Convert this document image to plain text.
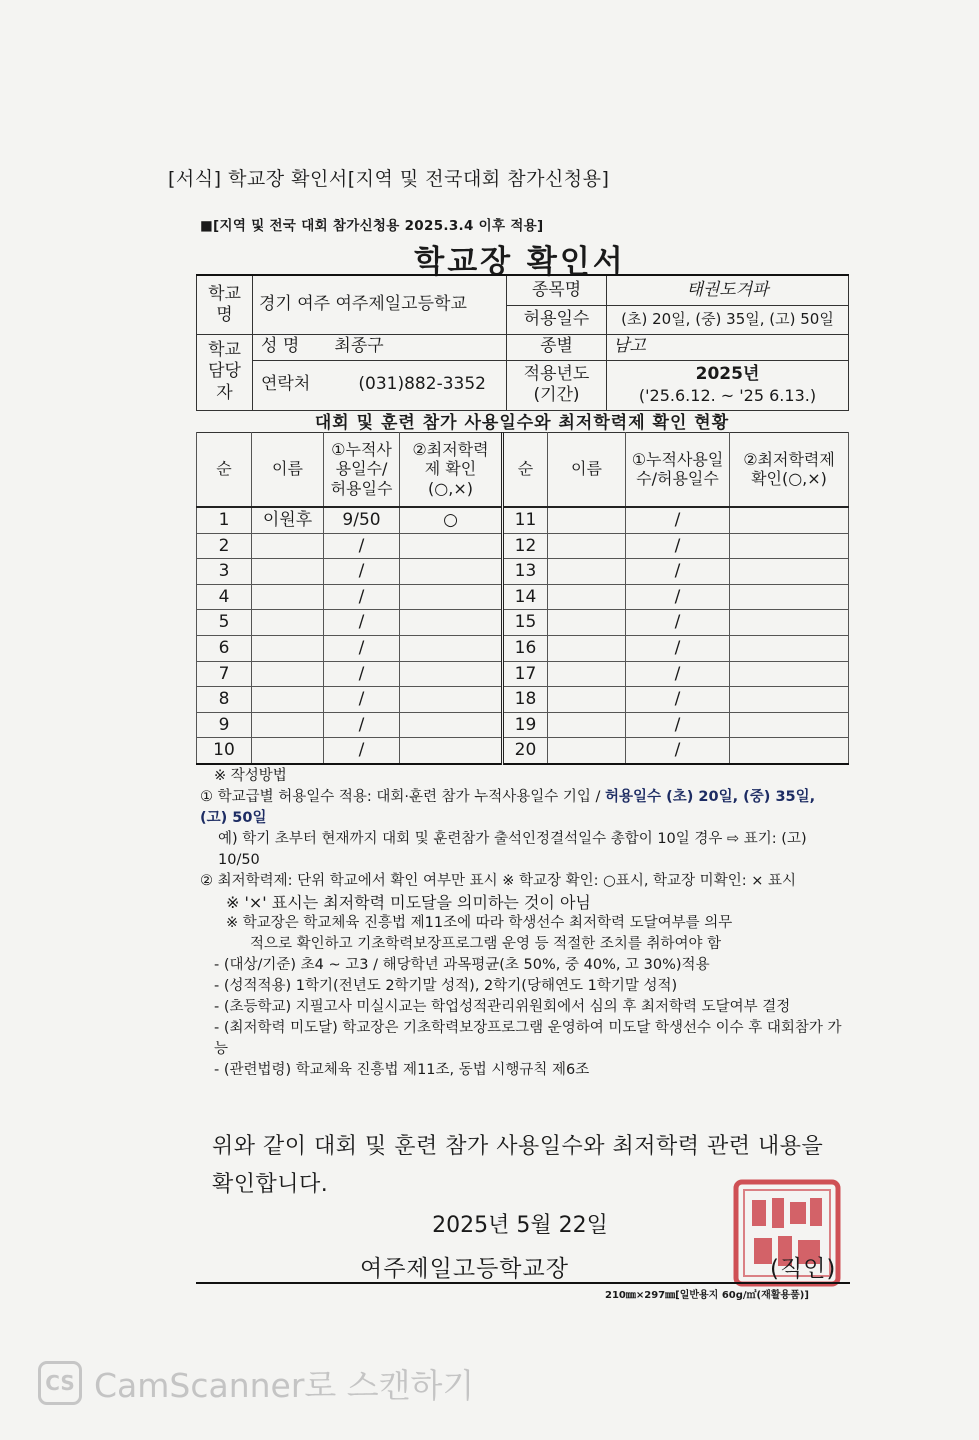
[서식] 학교장 확인서[지역 및 전국대회 참가신청용]
■[지역 및 전국 대회 참가신청용 2025.3.4 이후 적용]
학교장 확인서
학교명	경기 여주 여주제일고등학교	종목명	태권도겨파
		허용일수	(초) 20일, (중) 35일, (고) 50일
학교담당자	성 명 최종구	종별	남고
	연락처 (031)882-3352	적용년도(기간)	2025년
('25.6.12. ~ '25 6.13.)
대회 및 훈련 참가 사용일수와 최저학력제 확인 현황
순	이름	①누적사용일수/허용일수	②최저학력제 확인(○,×)	순	이름	①누적사용일수/허용일수	②최저학력제 확인(○,×)
1	이원후	9/50	○	11		/	
2		/		12		/	
3		/		13		/	
4		/		14		/	
5		/		15		/	
6		/		16		/	
7		/		17		/	
8		/		18		/	
9		/		19		/	
10		/		20		/	

※ 작성방법

① 학교급별 허용일수 적용: 대회·훈련 참가 누적사용일수 기입 / 허용일수 (초) 20일, (중) 35일, (고) 50일

예) 학기 초부터 현재까지 대회 및 훈련참가 출석인정결석일수 총합이 10일 경우 ⇨ 표기: (고) 10/50

② 최저학력제: 단위 학교에서 확인 여부만 표시 ※ 학교장 확인: ○표시, 학교장 미확인: × 표시

※ '×' 표시는 최저학력 미도달을 의미하는 것이 아님

※ 학교장은 학교체육 진흥법 제11조에 따라 학생선수 최저학력 도달여부를 의무

적으로 확인하고 기초학력보장프로그램 운영 등 적절한 조치를 취하여야 함

- (대상/기준) 초4 ~ 고3 / 해당학년 과목평균(초 50%, 중 40%, 고 30%)적용

- (성적적용) 1학기(전년도 2학기말 성적), 2학기(당해연도 1학기말 성적)

- (초등학교) 지필고사 미실시교는 학업성적관리위원회에서 심의 후 최저학력 도달여부 결정

- (최저학력 미도달) 학교장은 기초학력보장프로그램 운영하여 미도달 학생선수 이수 후 대회참가 가능

- (관련법령) 학교체육 진흥법 제11조, 동법 시행규칙 제6조

위와 같이 대회 및 훈련 참가 사용일수와 최저학력 관련 내용을 확인합니다.
2025년 5월 22일
여주제일고등학교장	(직인)
210㎜×297㎜[일반용지 60g/㎡(재활용품)]
CS CamScanner로 스캔하기
